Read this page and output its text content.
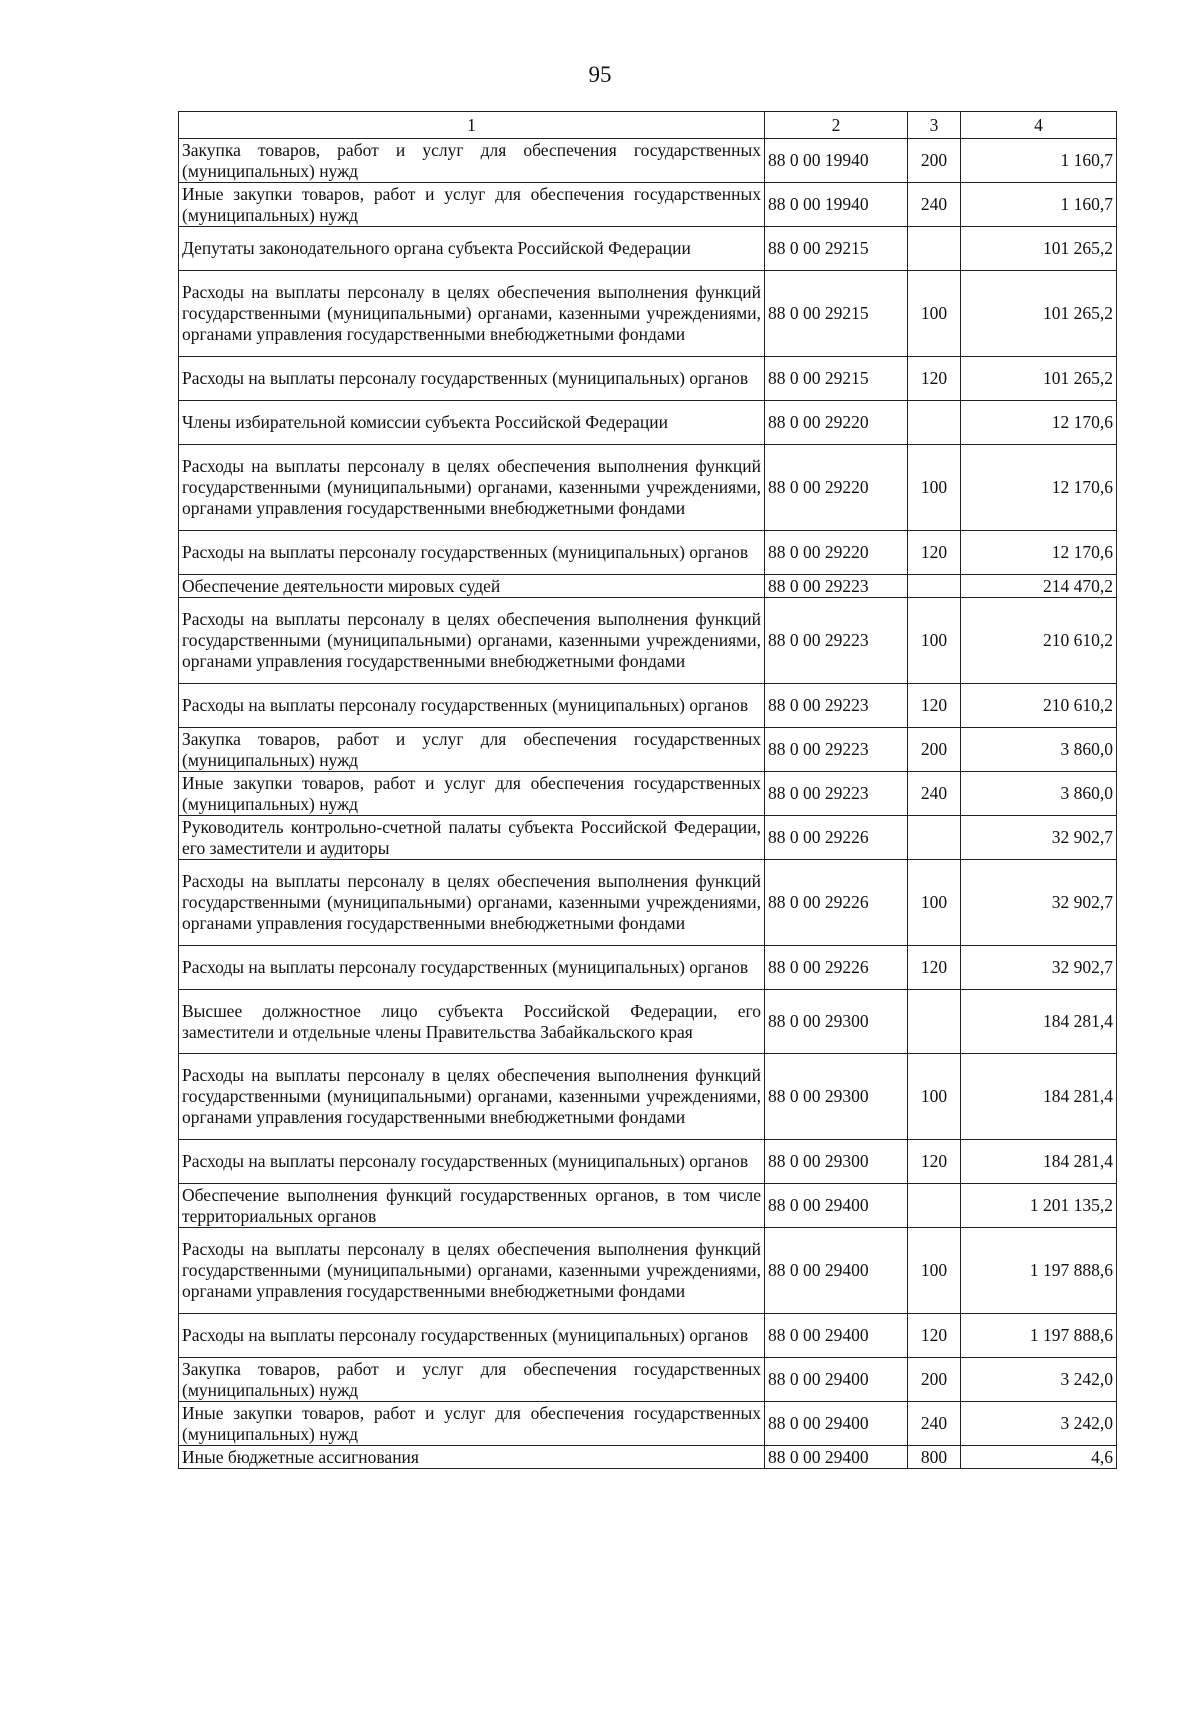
95
1	2	3	4
Закупка товаров, работ и услуг для обеспечения государственных (муниципальных) нужд	88 0 00 19940	200	1 160,7
Иные закупки товаров, работ и услуг для обеспечения государственных (муниципальных) нужд	88 0 00 19940	240	1 160,7
Депутаты законодательного органа субъекта Российской Федерации	88 0 00 29215		101 265,2
Расходы на выплаты персоналу в целях обеспечения выполнения функций государственными (муниципальными) органами, казенными учреждениями, органами управления государственными внебюджетными фондами	88 0 00 29215	100	101 265,2
Расходы на выплаты персоналу государственных (муниципальных) органов	88 0 00 29215	120	101 265,2
Члены избирательной комиссии субъекта Российской Федерации	88 0 00 29220		12 170,6
Расходы на выплаты персоналу в целях обеспечения выполнения функций государственными (муниципальными) органами, казенными учреждениями, органами управления государственными внебюджетными фондами	88 0 00 29220	100	12 170,6
Расходы на выплаты персоналу государственных (муниципальных) органов	88 0 00 29220	120	12 170,6
Обеспечение деятельности мировых судей	88 0 00 29223		214 470,2
Расходы на выплаты персоналу в целях обеспечения выполнения функций государственными (муниципальными) органами, казенными учреждениями, органами управления государственными внебюджетными фондами	88 0 00 29223	100	210 610,2
Расходы на выплаты персоналу государственных (муниципальных) органов	88 0 00 29223	120	210 610,2
Закупка товаров, работ и услуг для обеспечения государственных (муниципальных) нужд	88 0 00 29223	200	3 860,0
Иные закупки товаров, работ и услуг для обеспечения государственных (муниципальных) нужд	88 0 00 29223	240	3 860,0
Руководитель контрольно-счетной палаты субъекта Российской Федерации, его заместители и аудиторы	88 0 00 29226		32 902,7
Расходы на выплаты персоналу в целях обеспечения выполнения функций государственными (муниципальными) органами, казенными учреждениями, органами управления государственными внебюджетными фондами	88 0 00 29226	100	32 902,7
Расходы на выплаты персоналу государственных (муниципальных) органов	88 0 00 29226	120	32 902,7
Высшее должностное лицо субъекта Российской Федерации, его заместители и отдельные члены Правительства Забайкальского края	88 0 00 29300		184 281,4
Расходы на выплаты персоналу в целях обеспечения выполнения функций государственными (муниципальными) органами, казенными учреждениями, органами управления государственными внебюджетными фондами	88 0 00 29300	100	184 281,4
Расходы на выплаты персоналу государственных (муниципальных) органов	88 0 00 29300	120	184 281,4
Обеспечение выполнения функций государственных органов, в том числе территориальных органов	88 0 00 29400		1 201 135,2
Расходы на выплаты персоналу в целях обеспечения выполнения функций государственными (муниципальными) органами, казенными учреждениями, органами управления государственными внебюджетными фондами	88 0 00 29400	100	1 197 888,6
Расходы на выплаты персоналу государственных (муниципальных) органов	88 0 00 29400	120	1 197 888,6
Закупка товаров, работ и услуг для обеспечения государственных (муниципальных) нужд	88 0 00 29400	200	3 242,0
Иные закупки товаров, работ и услуг для обеспечения государственных (муниципальных) нужд	88 0 00 29400	240	3 242,0
Иные бюджетные ассигнования	88 0 00 29400	800	4,6
